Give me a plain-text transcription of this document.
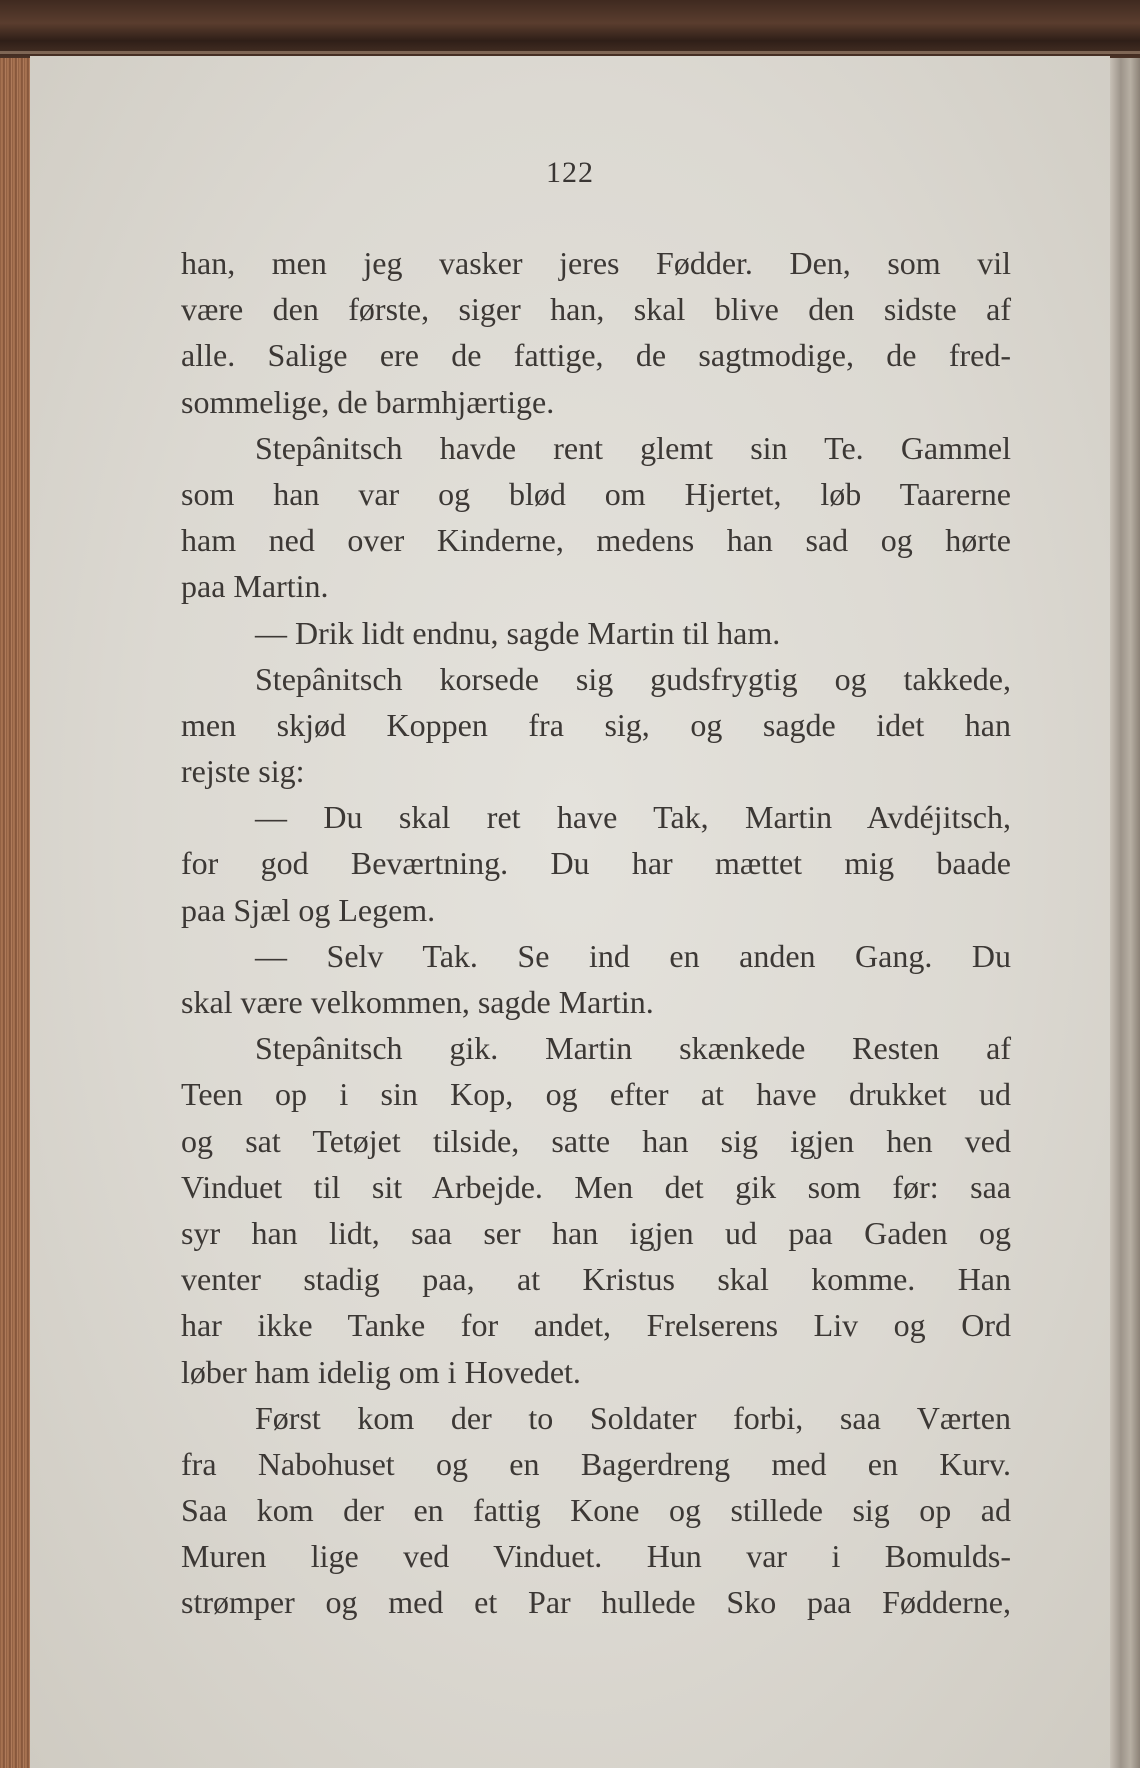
122
han, men jeg vasker jeres Fødder. Den, som vil
være den første, siger han, skal blive den sidste af
alle. Salige ere de fattige, de sagtmodige, de fred-
sommelige, de barmhjærtige.
Stepânitsch havde rent glemt sin Te. Gammel
som han var og blød om Hjertet, løb Taarerne
ham ned over Kinderne, medens han sad og hørte
paa Martin.
— Drik lidt endnu, sagde Martin til ham.
Stepânitsch korsede sig gudsfrygtig og takkede,
men skjød Koppen fra sig, og sagde idet han
rejste sig:
— Du skal ret have Tak, Martin Avdéjitsch,
for god Beværtning. Du har mættet mig baade
paa Sjæl og Legem.
— Selv Tak. Se ind en anden Gang. Du
skal være velkommen, sagde Martin.
Stepânitsch gik. Martin skænkede Resten af
Teen op i sin Kop, og efter at have drukket ud
og sat Tetøjet tilside, satte han sig igjen hen ved
Vinduet til sit Arbejde. Men det gik som før: saa
syr han lidt, saa ser han igjen ud paa Gaden og
venter stadig paa, at Kristus skal komme. Han
har ikke Tanke for andet, Frelserens Liv og Ord
løber ham idelig om i Hovedet.
Først kom der to Soldater forbi, saa Værten
fra Nabohuset og en Bagerdreng med en Kurv.
Saa kom der en fattig Kone og stillede sig op ad
Muren lige ved Vinduet. Hun var i Bomulds-
strømper og med et Par hullede Sko paa Fødderne,
